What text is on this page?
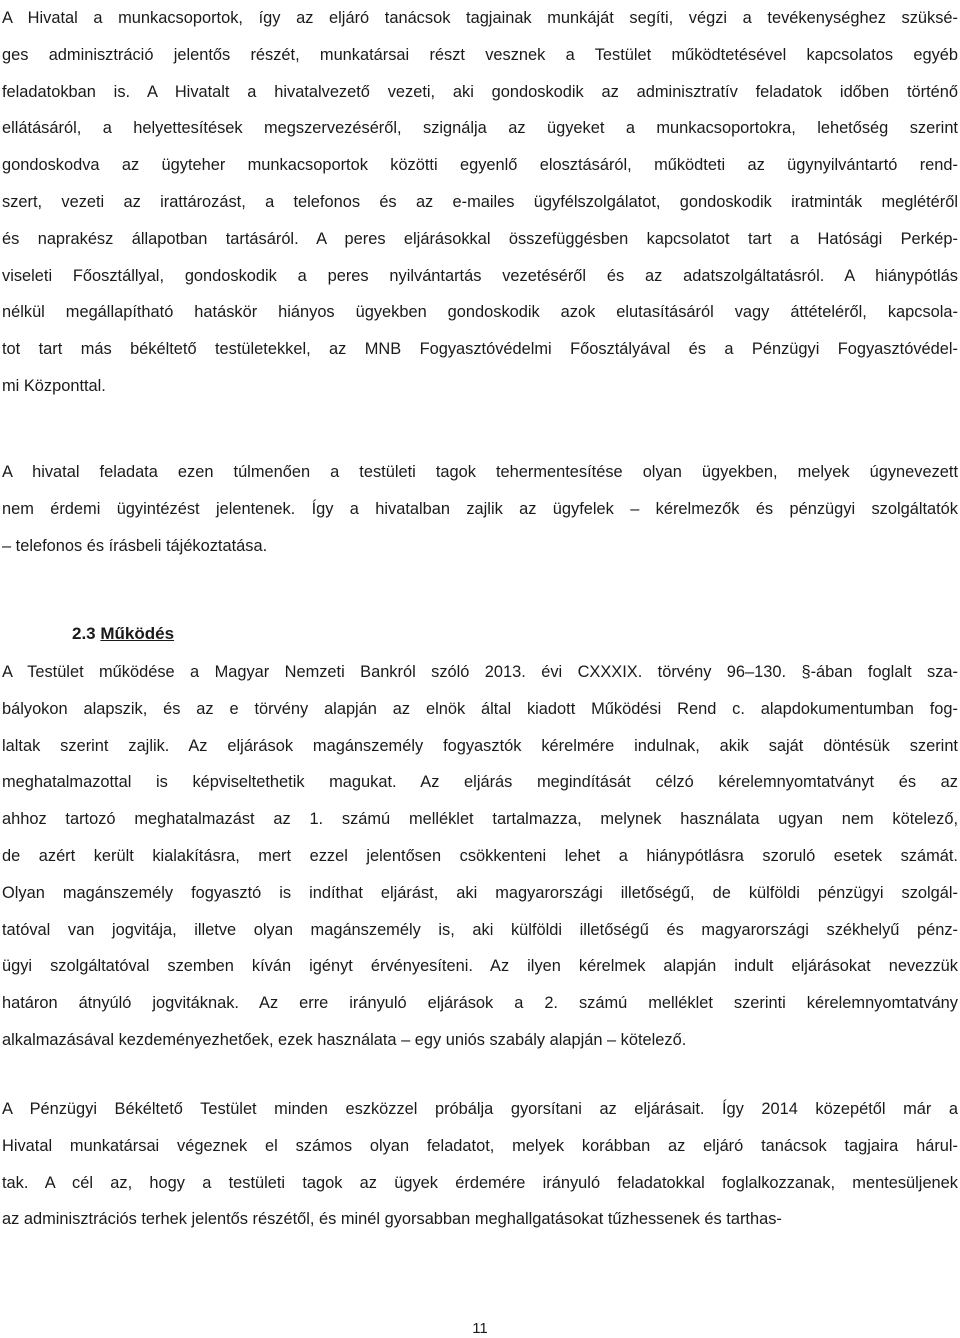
A Hivatal a munkacsoportok, így az eljáró tanácsok tagjainak munkáját segíti, végzi a tevékenységhez szüksé-
ges adminisztráció jelentős részét, munkatársai részt vesznek a Testület működtetésével kapcsolatos egyéb
feladatokban is. A Hivatalt a hivatalvezető vezeti, aki gondoskodik az adminisztratív feladatok időben történő
ellátásáról, a helyettesítések megszervezéséről, szignálja az ügyeket a munkacsoportokra, lehetőség szerint
gondoskodva az ügyteher munkacsoportok közötti egyenlő elosztásáról, működteti az ügynyilvántartó rend-
szert, vezeti az irattározást, a telefonos és az e-mailes ügyfélszolgálatot, gondoskodik iratminták meglétéről
és naprakész állapotban tartásáról. A peres eljárásokkal összefüggésben kapcsolatot tart a Hatósági Perkép-
viseleti Főosztállyal, gondoskodik a peres nyilvántartás vezetéséről és az adatszolgáltatásról. A hiánypótlás
nélkül megállapítható hatáskör hiányos ügyekben gondoskodik azok elutasításáról vagy áttételéről, kapcsola-
tot tart más békéltető testületekkel, az MNB Fogyasztóvédelmi Főosztályával és a Pénzügyi Fogyasztóvédel-
mi Központtal.
A hivatal feladata ezen túlmenően a testületi tagok tehermentesítése olyan ügyekben, melyek úgynevezett
nem érdemi ügyintézést jelentenek. Így a hivatalban zajlik az ügyfelek – kérelmezők és pénzügyi szolgáltatók
– telefonos és írásbeli tájékoztatása.
2.3 Működés
A Testület működése a Magyar Nemzeti Bankról szóló 2013. évi CXXXIX. törvény 96–130. §-ában foglalt sza-
bályokon alapszik, és az e törvény alapján az elnök által kiadott Működési Rend c. alapdokumentumban fog-
laltak szerint zajlik. Az eljárások magánszemély fogyasztók kérelmére indulnak, akik saját döntésük szerint
meghatalmazottal is képviseltethetik magukat. Az eljárás megindítását célzó kérelemnyomtatványt és az
ahhoz tartozó meghatalmazást az 1. számú melléklet tartalmazza, melynek használata ugyan nem kötelező,
de azért került kialakításra, mert ezzel jelentősen csökkenteni lehet a hiánypótlásra szoruló esetek számát.
Olyan magánszemély fogyasztó is indíthat eljárást, aki magyarországi illetőségű, de külföldi pénzügyi szolgál-
tatóval van jogvitája, illetve olyan magánszemély is, aki külföldi illetőségű és magyarországi székhelyű pénz-
ügyi szolgáltatóval szemben kíván igényt érvényesíteni. Az ilyen kérelmek alapján indult eljárásokat nevezzük
határon átnyúló jogvitáknak. Az erre irányuló eljárások a 2. számú melléklet szerinti kérelemnyomtatvány
alkalmazásával kezdeményezhetőek, ezek használata – egy uniós szabály alapján – kötelező.
A Pénzügyi Békéltető Testület minden eszközzel próbálja gyorsítani az eljárásait. Így 2014 közepétől már a
Hivatal munkatársai végeznek el számos olyan feladatot, melyek korábban az eljáró tanácsok tagjaira hárul-
tak. A cél az, hogy a testületi tagok az ügyek érdemére irányuló feladatokkal foglalkozzanak, mentesüljenek
az adminisztrációs terhek jelentős részétől, és minél gyorsabban meghallgatásokat tűzhessenek és tarthas-
11
